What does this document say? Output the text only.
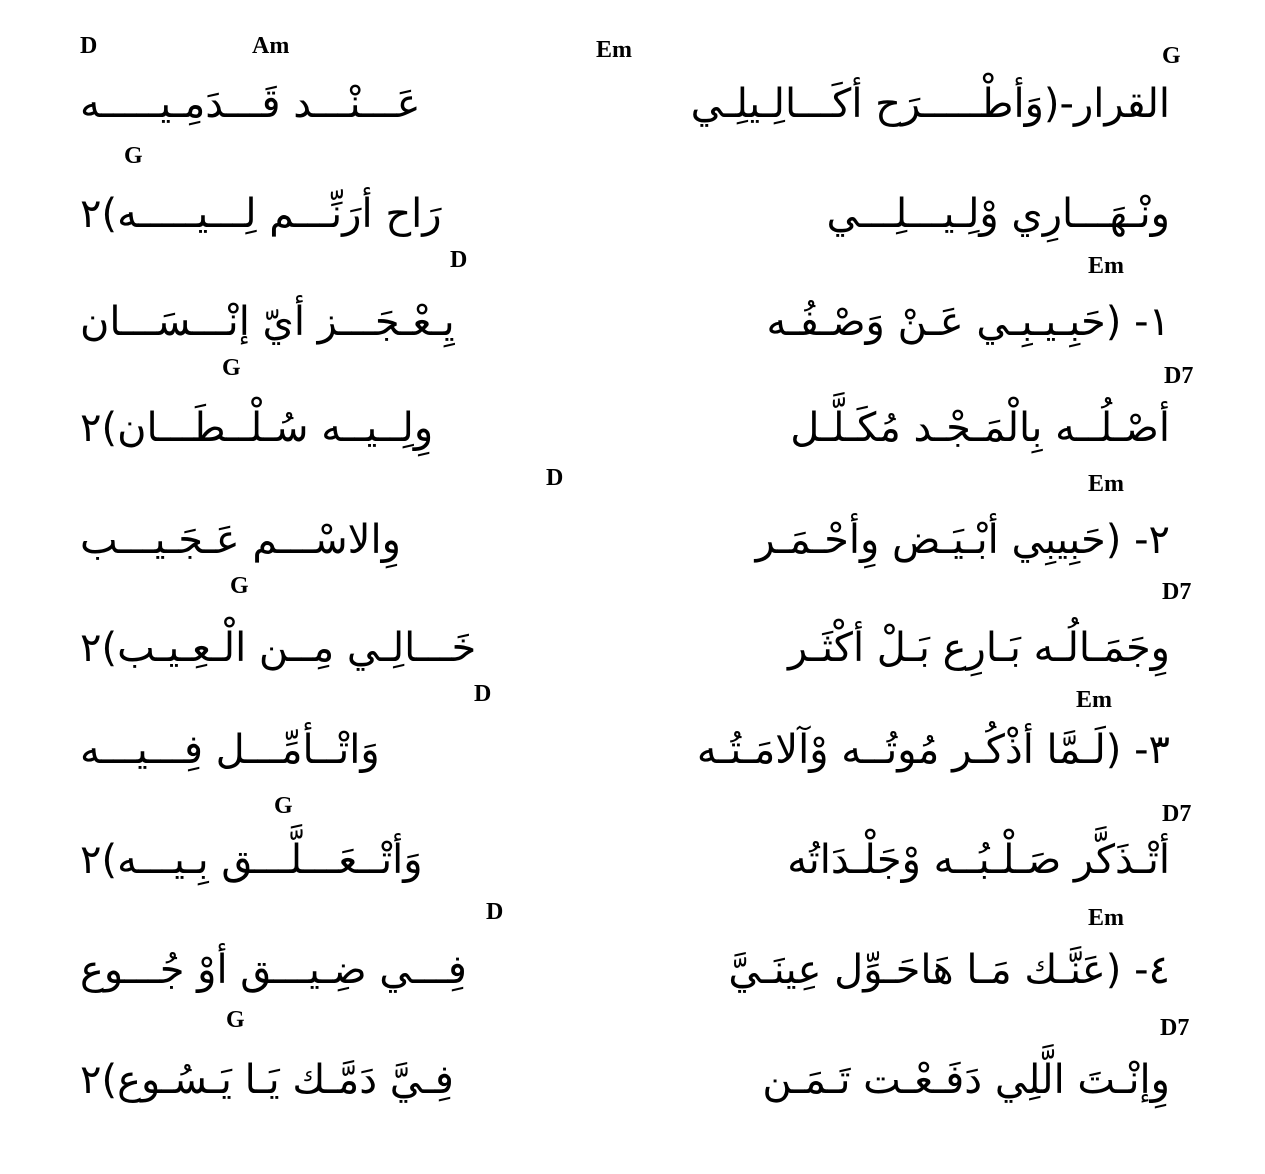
D	Am	Em	G
القرار-(وَأطْـــــرَح أكَـــالِـيلِـي
عَـــنْـــد قَـــدَمِـيـــــه
G
ونْـهَـــارِي وْلِـيـــلِـــي
رَاح أرَنِّـــم لِـــيـــــه)٢
D	Em
١- (حَبِـيـبِـي عَـنْ وَصْـفُـه
يِـعْـجَـــز أيّ إنْـــسَـــان
G	D7
أصْـلُــه بِالْمَـجْـد مُكَـلَّـل
وِلِــيــه سُـلْــطَـــان)٢
D	Em
٢- (حَبِيبِي أبْـيَـض وِأحْـمَـر
وِالاسْـــم عَـجَـيـــب
G	D7
وِجَمَـالُـه بَـارِع بَـلْ أكْثَـر
خَـــالِـي مِــن الْـعِـيـب)٢
D	Em
٣- (لَـمَّا أذْكُـر مُوتُــه وْآلامَـتُـه
وَاتْــأمِّـــل فِـــيـــه
G	D7
أتْـذَكَّر صَـلْـبُــه وْجَلْـدَاتُه
وَأتْــعَـــلَّـــق بِـيـــه)٢
D	Em
٤- (عَنَّـك مَـا هَاحَـوِّل عِينَـيَّ
فِـــي ضِـيـــق أوْ جُـــوع
G	D7
وِإنْـتَ الَّلِي دَفَـعْـت تَـمَـن
فِـيَّ دَمَّـك يَـا يَـسُـوع)٢
